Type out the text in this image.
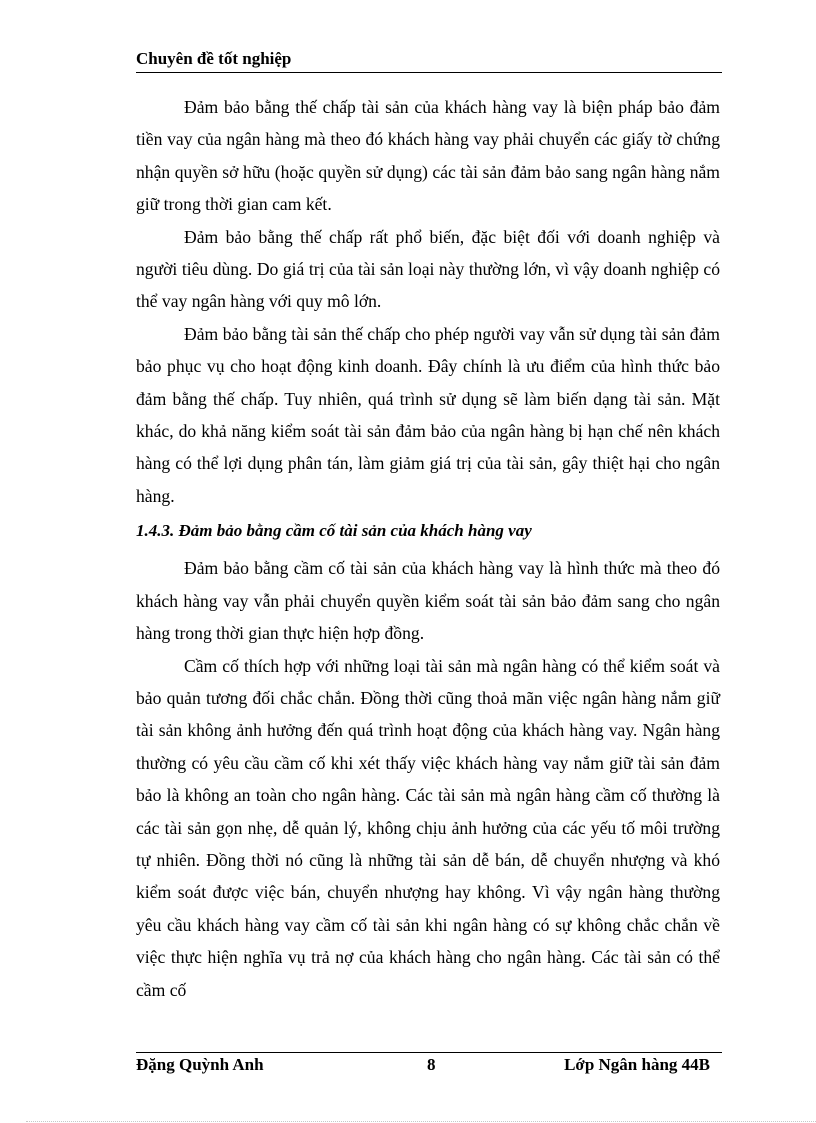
Chuyên đề tốt nghiệp

Đảm bảo bằng thế chấp tài sản của khách hàng vay là biện pháp bảo đảm tiền vay của ngân hàng mà theo đó khách hàng vay phải chuyển các giấy tờ chứng nhận quyền sở hữu (hoặc quyền sử dụng) các tài sản đảm bảo sang ngân hàng nắm giữ trong thời gian cam kết.

Đảm bảo bằng thế chấp rất phổ biến, đặc biệt đối với doanh nghiệp và người tiêu dùng. Do giá trị của tài sản loại này thường lớn, vì vậy doanh nghiệp có thể vay ngân hàng với quy mô lớn.

Đảm bảo bằng tài sản thế chấp cho phép người vay vẫn sử dụng tài sản đảm bảo phục vụ cho hoạt động kinh doanh. Đây chính là ưu điểm của hình thức bảo đảm bằng thế chấp. Tuy nhiên, quá trình sử dụng sẽ làm biến dạng tài sản. Mặt khác, do khả năng kiểm soát tài sản đảm bảo của ngân hàng bị hạn chế nên khách hàng có thể lợi dụng phân tán, làm giảm giá trị của tài sản, gây thiệt hại cho ngân hàng.

1.4.3. Đảm bảo bằng cầm cố tài sản của khách hàng vay

Đảm bảo bằng cầm cố tài sản của khách hàng vay là hình thức mà theo đó khách hàng vay vẫn phải chuyển quyền kiểm soát tài sản bảo đảm sang cho ngân hàng trong thời gian thực hiện hợp đồng.

Cầm cố thích hợp với những loại tài sản mà ngân hàng có thể kiểm soát và bảo quản tương đối chắc chắn. Đồng thời cũng thoả mãn việc ngân hàng nắm giữ tài sản không ảnh hưởng đến quá trình hoạt động của khách hàng vay. Ngân hàng thường có yêu cầu cầm cố khi xét thấy việc khách hàng vay nắm giữ tài sản đảm bảo là không an toàn cho ngân hàng. Các tài sản mà ngân hàng cầm cố thường là các tài sản gọn nhẹ, dễ quản lý, không chịu ảnh hưởng của các yếu tố môi trường tự nhiên. Đồng thời nó cũng là những tài sản dễ bán, dễ chuyển nhượng và khó kiểm soát được việc bán, chuyển nhượng hay không. Vì vậy ngân hàng thường yêu cầu khách hàng vay cầm cố tài sản khi ngân hàng có sự không chắc chắn về việc thực hiện nghĩa vụ trả nợ của khách hàng cho ngân hàng. Các tài sản có thể cầm cố

Đặng Quỳnh Anh	8	Lớp Ngân hàng 44B
